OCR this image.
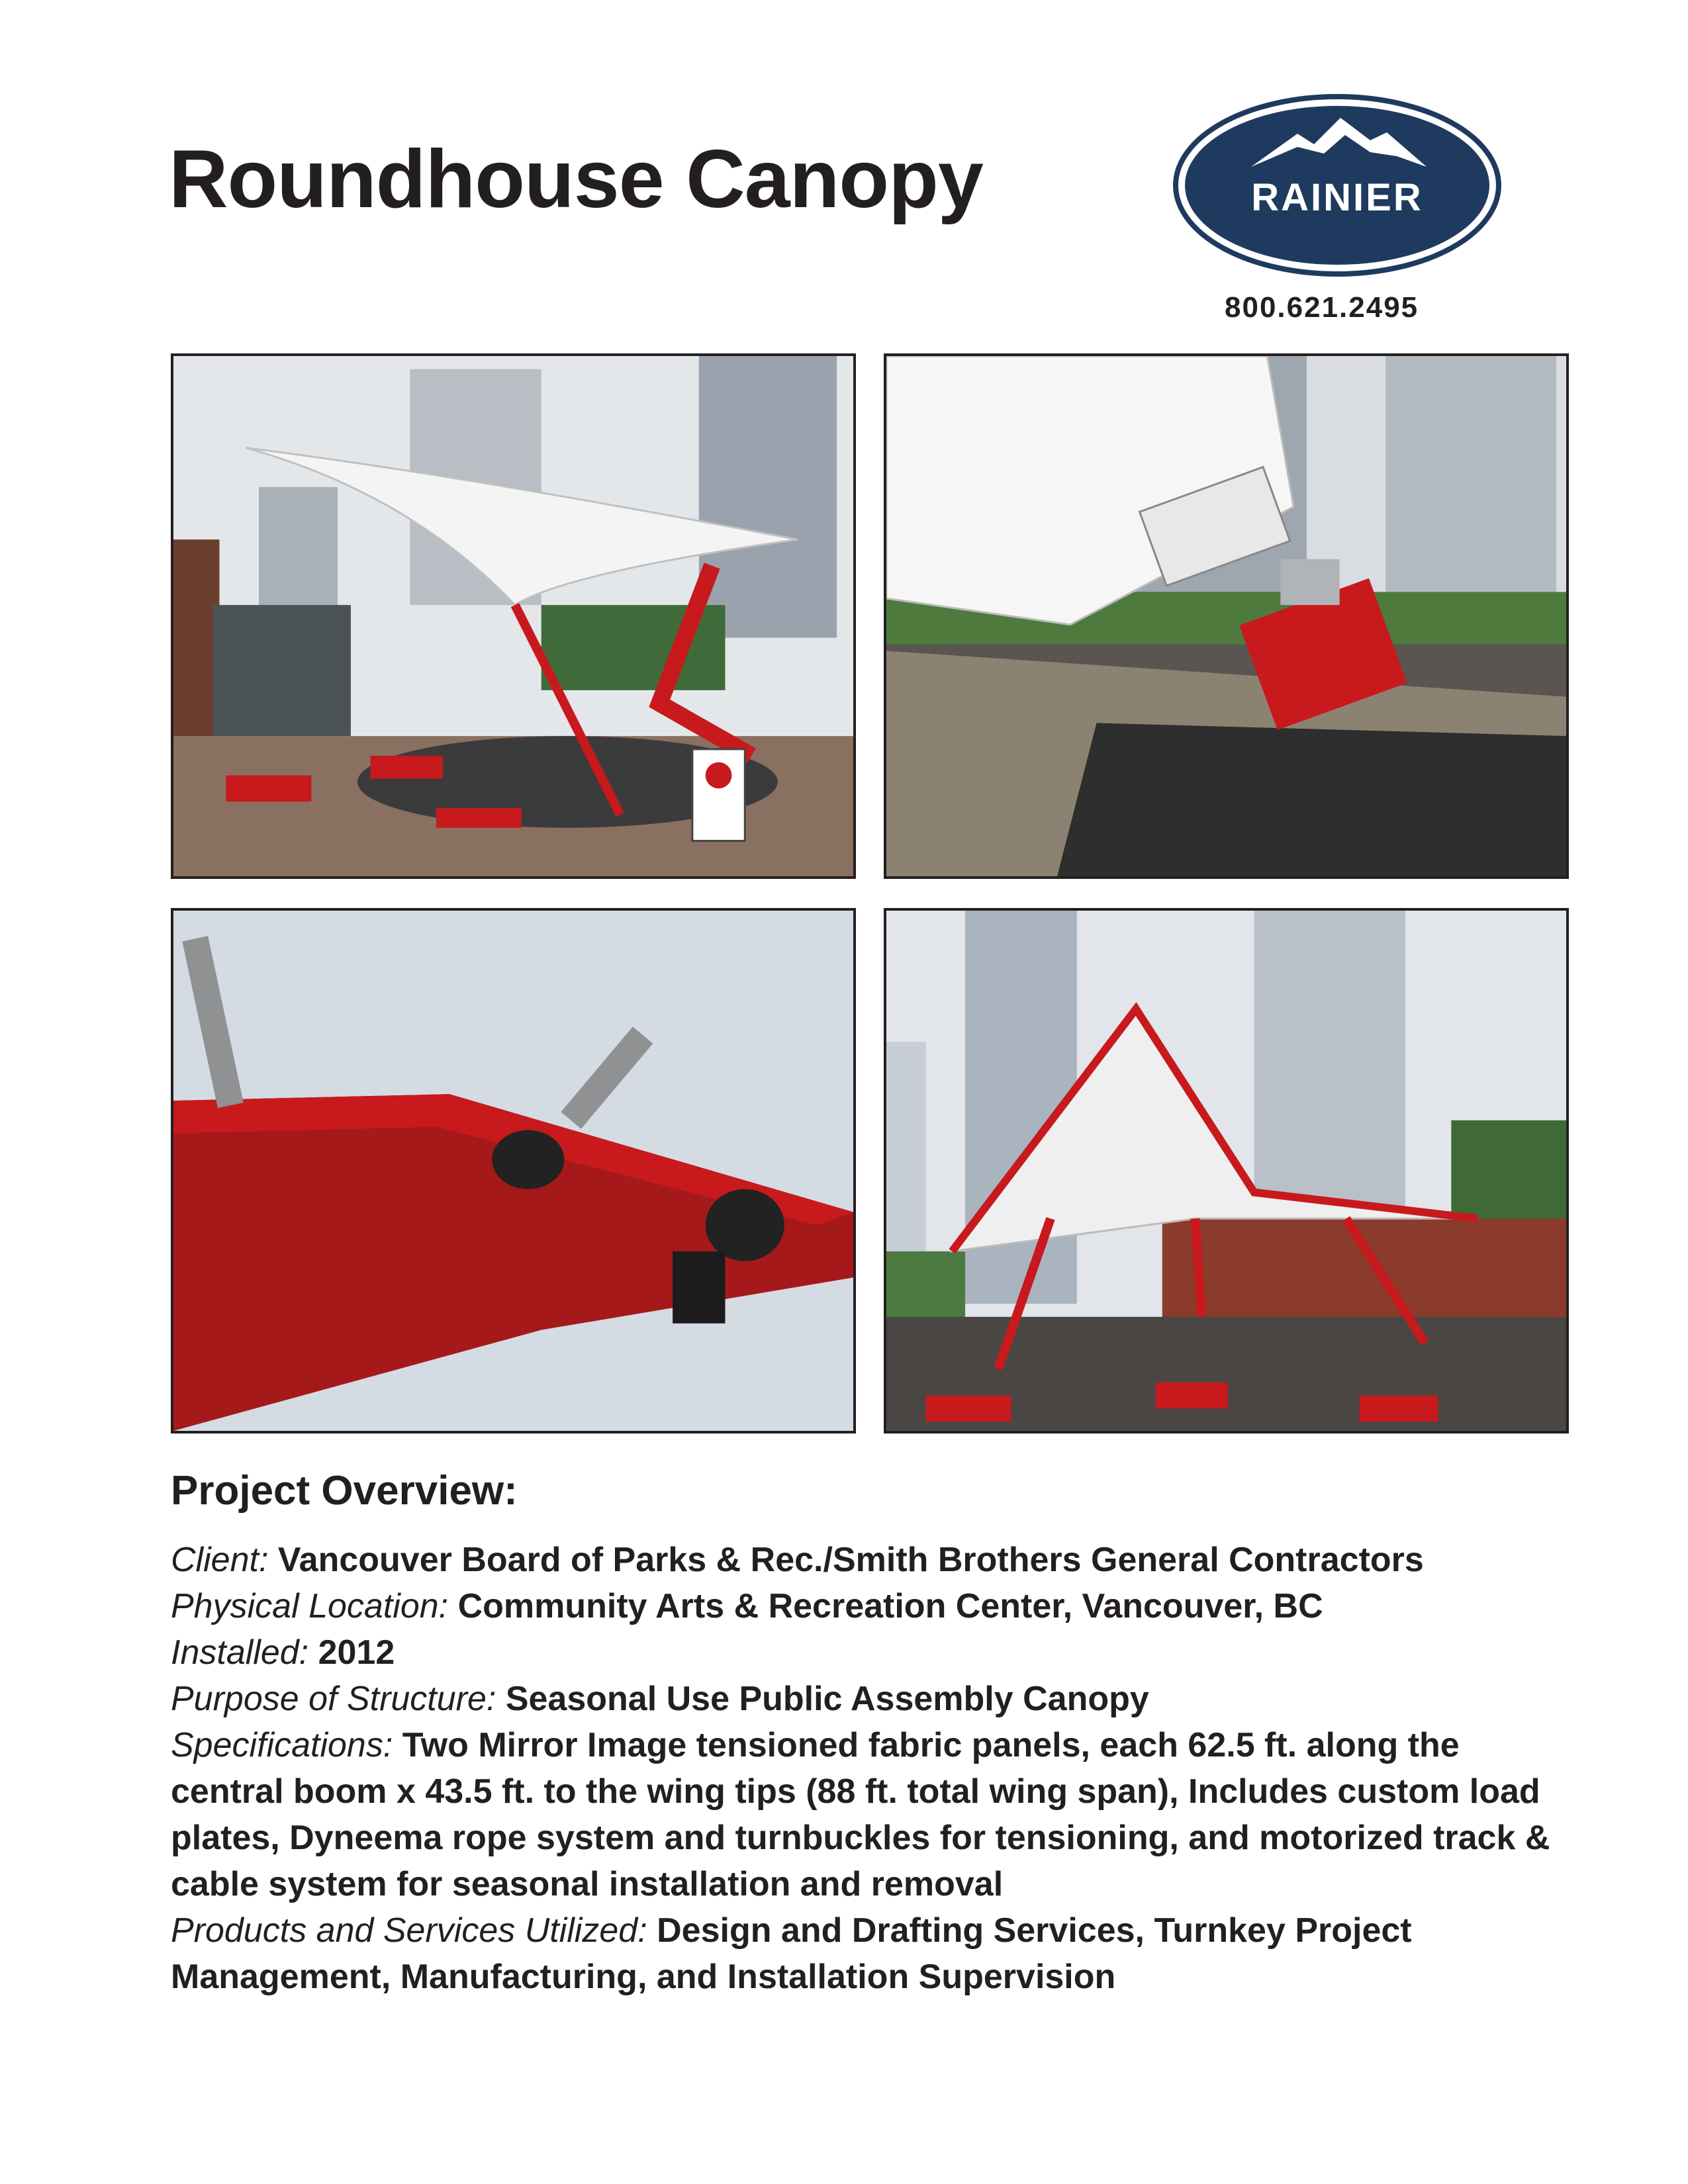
Roundhouse Canopy	RAINIER
800.621.2495
Project Overview:

Client: Vancouver Board of Parks & Rec./Smith Brothers General Contractors

Physical Location: Community Arts & Recreation Center, Vancouver, BC

Installed: 2012

Purpose of Structure: Seasonal Use Public Assembly Canopy

Specifications: Two Mirror Image tensioned fabric panels, each 62.5 ft. along the central boom x 43.5 ft. to the wing tips (88 ft. total wing span), Includes custom load plates, Dyneema rope system and turnbuckles for tensioning, and motorized track & cable system for seasonal installation and removal

Products and Services Utilized: Design and Drafting Services, Turnkey Project Management, Manufacturing, and Installation Supervision
